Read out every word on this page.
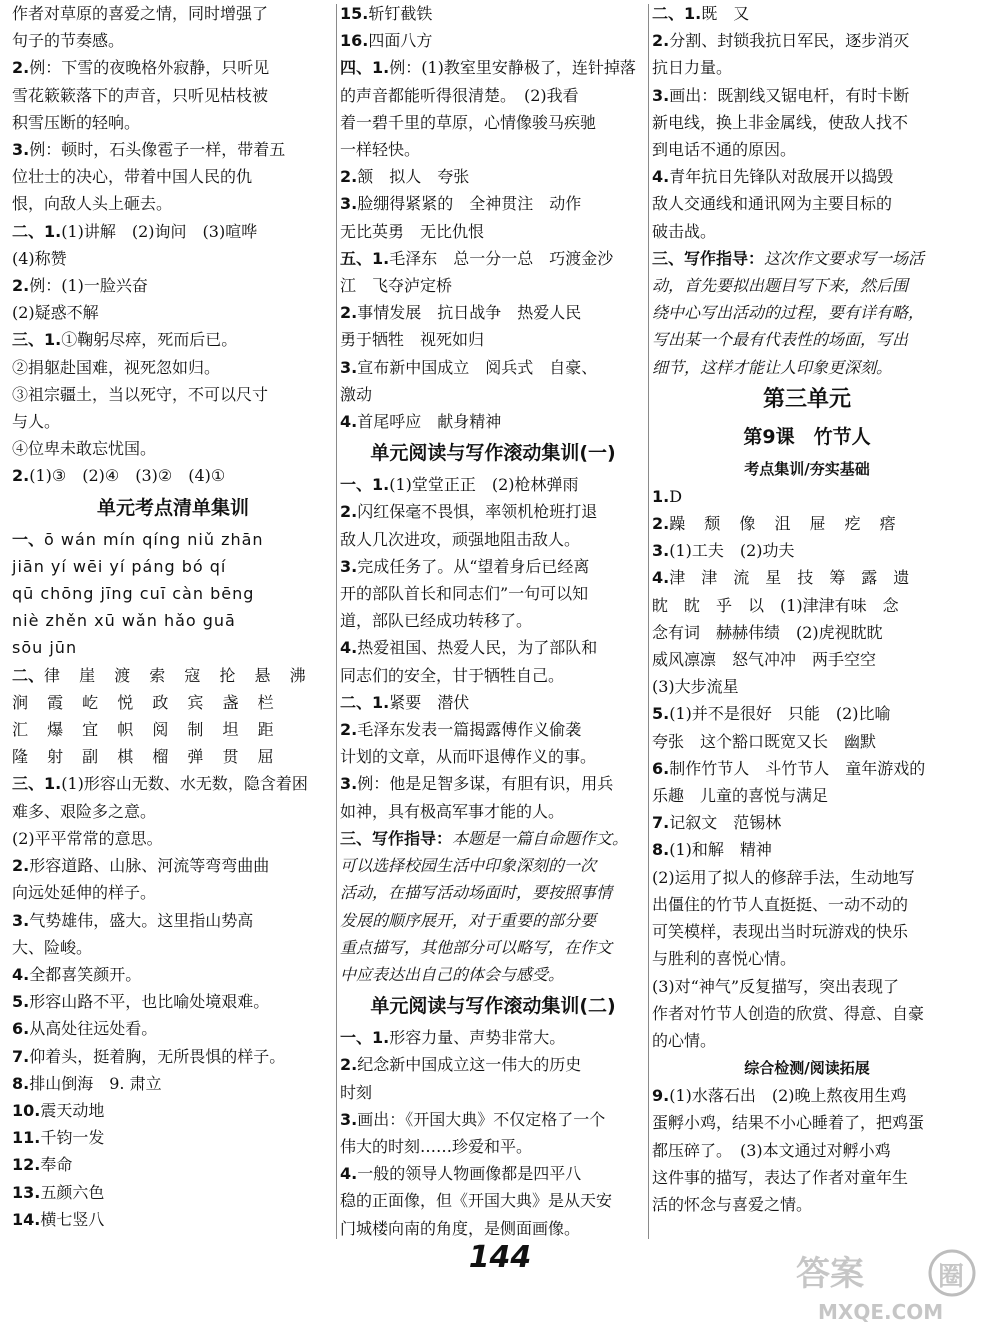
作者对草原的喜爱之情，同时增强了
句子的节奏感。
2.例：下雪的夜晚格外寂静，只听见
雪花簌簌落下的声音，只听见枯枝被
积雪压断的轻响。
3.例：顿时，石头像雹子一样，带着五
位壮士的决心，带着中国人民的仇
恨，向敌人头上砸去。
二、1.(1)讲解　(2)询问　(3)喧哗
(4)称赞
2.例：(1)一脸兴奋
(2)疑惑不解
三、1.①鞠躬尽瘁，死而后已。
②捐躯赴国难，视死忽如归。
③祖宗疆土，当以死守，不可以尺寸
与人。
④位卑未敢忘忧国。
2.(1)③　(2)④　(3)②　(4)①
单元考点清单集训
一、ō wán mín qíng niǔ zhān
jiān yí wēi yí páng bó qí
qū chōng jīng cuī càn bēng
niè zhěn xū wǎn hǎo guā
sōu jūn
二、律 崖 渡 索 寇 抡 悬 沸
涧 霞 屹 悦 政 宾 盏 栏
汇 爆 宜 帜 阅 制 坦 距
隆 射 副 棋 榴 弹 贯 屈
三、1.(1)形容山无数、水无数，隐含着困
难多、艰险多之意。
(2)平平常常的意思。
2.形容道路、山脉、河流等弯弯曲曲
向远处延伸的样子。
3.气势雄伟，盛大。这里指山势高
大、险峻。
4.全都喜笑颜开。
5.形容山路不平，也比喻处境艰难。
6.从高处往远处看。
7.仰着头，挺着胸，无所畏惧的样子。
8.排山倒海　9. 肃立
10.震天动地
11.千钧一发
12.奉命
13.五颜六色
14.横七竖八
15.斩钉截铁
16.四面八方
四、1.例：(1)教室里安静极了，连针掉落
的声音都能听得很清楚。　(2)我看
着一碧千里的草原，心情像骏马疾驰
一样轻快。
2.颔　拟人　夸张
3.脸绷得紧紧的　全神贯注　动作
无比英勇　无比仇恨
五、1.毛泽东　总一分一总　巧渡金沙
江　飞夺泸定桥
2.事情发展　抗日战争　热爱人民
勇于牺牲　视死如归
3.宣布新中国成立　阅兵式　自豪、
激动
4.首尾呼应　献身精神
单元阅读与写作滚动集训(一)
一、1.(1)堂堂正正　(2)枪林弹雨
2.闪红保毫不畏惧，率领机枪班打退
敌人几次进攻，顽强地阻击敌人。
3.完成任务了。从“望着身后已经离
开的部队首长和同志们”一句可以知
道，部队已经成功转移了。
4.热爱祖国、热爱人民，为了部队和
同志们的安全，甘于牺牲自己。
二、1.紧要　潜伏
2.毛泽东发表一篇揭露傅作义偷袭
计划的文章，从而吓退傅作义的事。
3.例：他是足智多谋，有胆有识，用兵
如神，具有极高军事才能的人。
三、写作指导：本题是一篇自命题作文。
可以选择校园生活中印象深刻的一次
活动，在描写活动场面时，要按照事情
发展的顺序展开，对于重要的部分要
重点描写，其他部分可以略写，在作文
中应表达出自己的体会与感受。
单元阅读与写作滚动集训(二)
一、1.形容力量、声势非常大。
2.纪念新中国成立这一伟大的历史
时刻
3.画出：《开国大典》不仅定格了一个
伟大的时刻……珍爱和平。
4.一般的领导人物画像都是四平八
稳的正面像，但《开国大典》是从天安
门城楼向南的角度，是侧面画像。
二、1.既　又
2.分割、封锁我抗日军民，逐步消灭
抗日力量。
3.画出：既割线又锯电杆，有时卡断
新电线，换上非金属线，使敌人找不
到电话不通的原因。
4.青年抗日先锋队对敌展开以捣毁
敌人交通线和通讯网为主要目标的
破击战。
三、写作指导：这次作文要求写一场活
动，首先要拟出题目写下来，然后围
绕中心写出活动的过程，要有详有略，
写出某一个最有代表性的场面，写出
细节，这样才能让人印象更深刻。
第三单元
第9课　竹节人
考点集训/夯实基础
1.D
2.躁 颓 像 沮 屉 疙 瘩
3.(1)工夫　(2)功夫
4.津　津　流　星　技　筹　露　遗
眈　眈　乎　以　(1)津津有味　念
念有词　赫赫伟绩　(2)虎视眈眈
威风凛凛　怒气冲冲　两手空空
(3)大步流星
5.(1)并不是很好　只能　(2)比喻
夸张　这个豁口既宽又长　幽默
6.制作竹节人　斗竹节人　童年游戏的
乐趣　儿童的喜悦与满足
7.记叙文　范锡林
8.(1)和解　精神
(2)运用了拟人的修辞手法，生动地写
出僵住的竹节人直挺挺、一动不动的
可笑模样，表现出当时玩游戏的快乐
与胜利的喜悦心情。
(3)对“神气”反复描写，突出表现了
作者对竹节人创造的欣赏、得意、自豪
的心情。
综合检测/阅读拓展
9.(1)水落石出　(2)晚上熬夜用生鸡
蛋孵小鸡，结果不小心睡着了，把鸡蛋
都压碎了。　(3)本文通过对孵小鸡
这件事的描写，表达了作者对童年生
活的怀念与喜爱之情。
144	答案	圈
MXQE.COM
